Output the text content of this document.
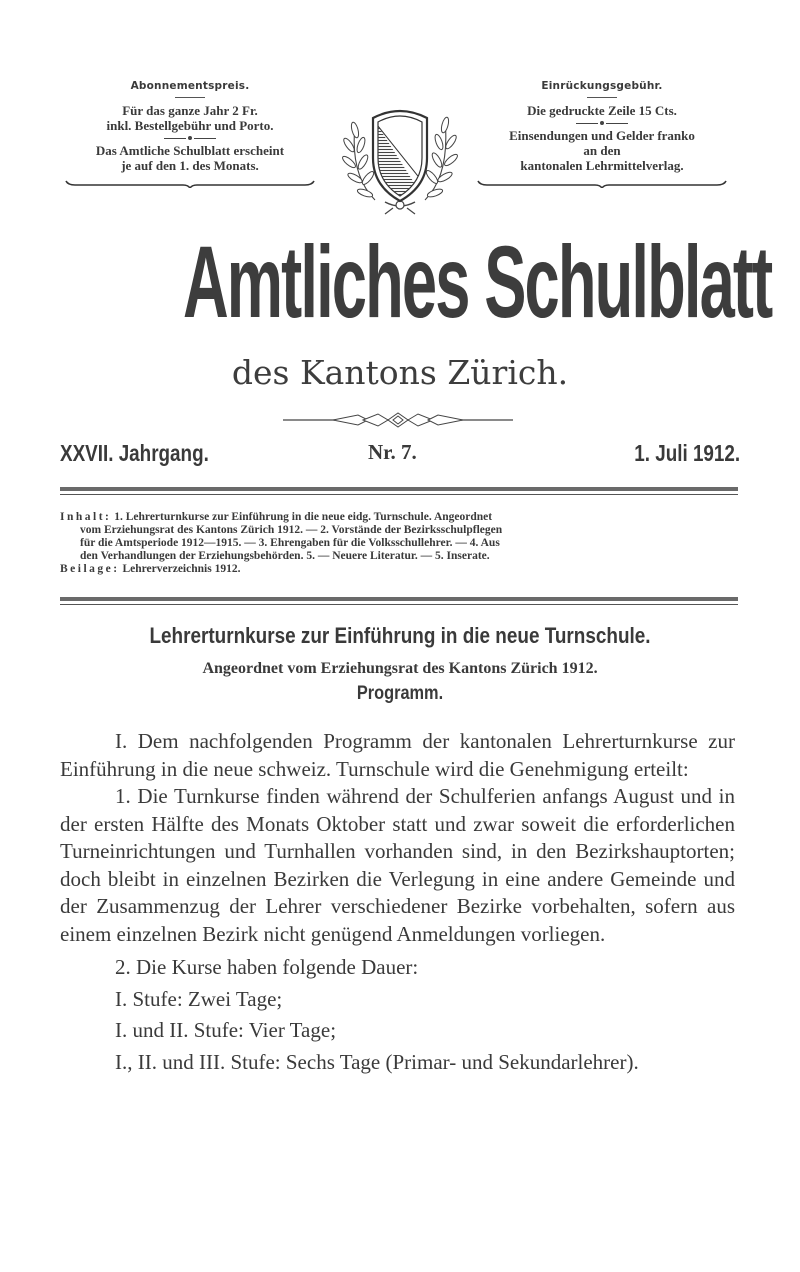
Abonnementspreis.
Für das ganze Jahr 2 Fr.
inkl. Bestellgebühr und Porto.
Das Amtliche Schulblatt erscheint
je auf den 1. des Monats.
Einrückungsgebühr.
Die gedruckte Zeile 15 Cts.
Einsendungen und Gelder franko
an den
kantonalen Lehrmittelverlag.
Amtliches Schulblatt
des Kantons Zürich.
XXVII. Jahrgang.	Nr. 7.	1. Juli 1912.

Inhalt: 1. Lehrerturnkurse zur Einführung in die neue eidg. Turnschule. Angeordnet

vom Erziehungsrat des Kantons Zürich 1912. — 2. Vorstände der Bezirksschulpflegen

für die Amtsperiode 1912—1915. — 3. Ehrengaben für die Volksschullehrer. — 4. Aus

den Verhandlungen der Erziehungsbehörden. 5. — Neuere Literatur. — 5. Inserate.

Beilage: Lehrerverzeichnis 1912.

Lehrerturnkurse zur Einführung in die neue Turnschule.
Angeordnet vom Erziehungsrat des Kantons Zürich 1912.
Programm.

I. Dem nachfolgenden Programm der kantonalen Lehrerturnkurse zur Einführung in die neue schweiz. Turnschule wird die Genehmigung erteilt:

1. Die Turnkurse finden während der Schulferien anfangs August und in der ersten Hälfte des Monats Oktober statt und zwar soweit die erforderlichen Turneinrichtungen und Turnhallen vorhanden sind, in den Bezirkshauptorten; doch bleibt in einzelnen Bezirken die Verlegung in eine andere Gemeinde und der Zusammenzug der Lehrer verschiedener Bezirke vorbehalten, sofern aus einem einzelnen Bezirk nicht genügend Anmeldungen vorliegen.

2. Die Kurse haben folgende Dauer:

I. Stufe: Zwei Tage;

I. und II. Stufe: Vier Tage;

I., II. und III. Stufe: Sechs Tage (Primar- und Sekundarlehrer).
